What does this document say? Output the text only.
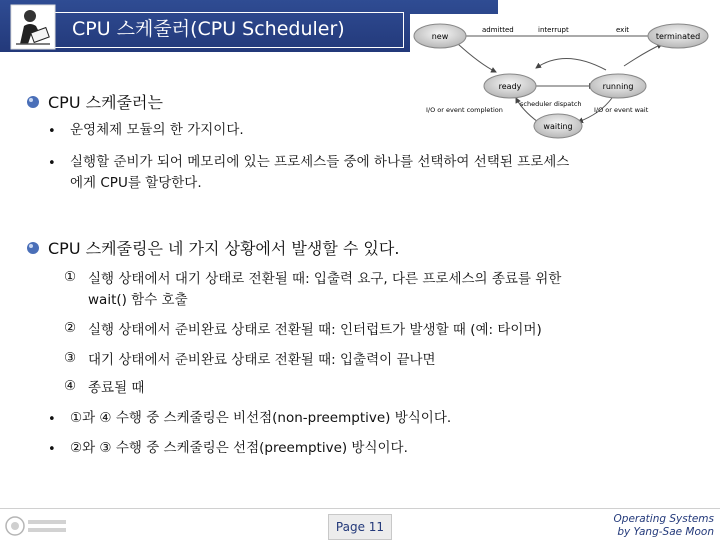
CPU 스케줄러(CPU Scheduler)	new	terminated
ready	running
waiting
admitted	interrupt	exit
scheduler dispatch
I/O or event completion	I/O or event wait
CPU 스케줄러는
• 운영체제 모듈의 한 가지이다.
• 실행할 준비가 되어 메모리에 있는 프로세스들 중에 하나를 선택하여 선택된 프로세스
에게 CPU를 할당한다.
CPU 스케줄링은 네 가지 상황에서 발생할 수 있다.
① 실행 상태에서 대기 상태로 전환될 때: 입출력 요구, 다른 프로세스의 종료를 위한
wait() 함수 호출
② 실행 상태에서 준비완료 상태로 전환될 때: 인터럽트가 발생할 때 (예: 타이머)
③ 대기 상태에서 준비완료 상태로 전환될 때: 입출력이 끝나면
④ 종료될 때
• ①과 ④ 수행 중 스케줄링은 비선점(non-preemptive) 방식이다.
• ②와 ③ 수행 중 스케줄링은 선점(preemptive) 방식이다.
Page 11
Operating Systems
by Yang-Sae Moon
